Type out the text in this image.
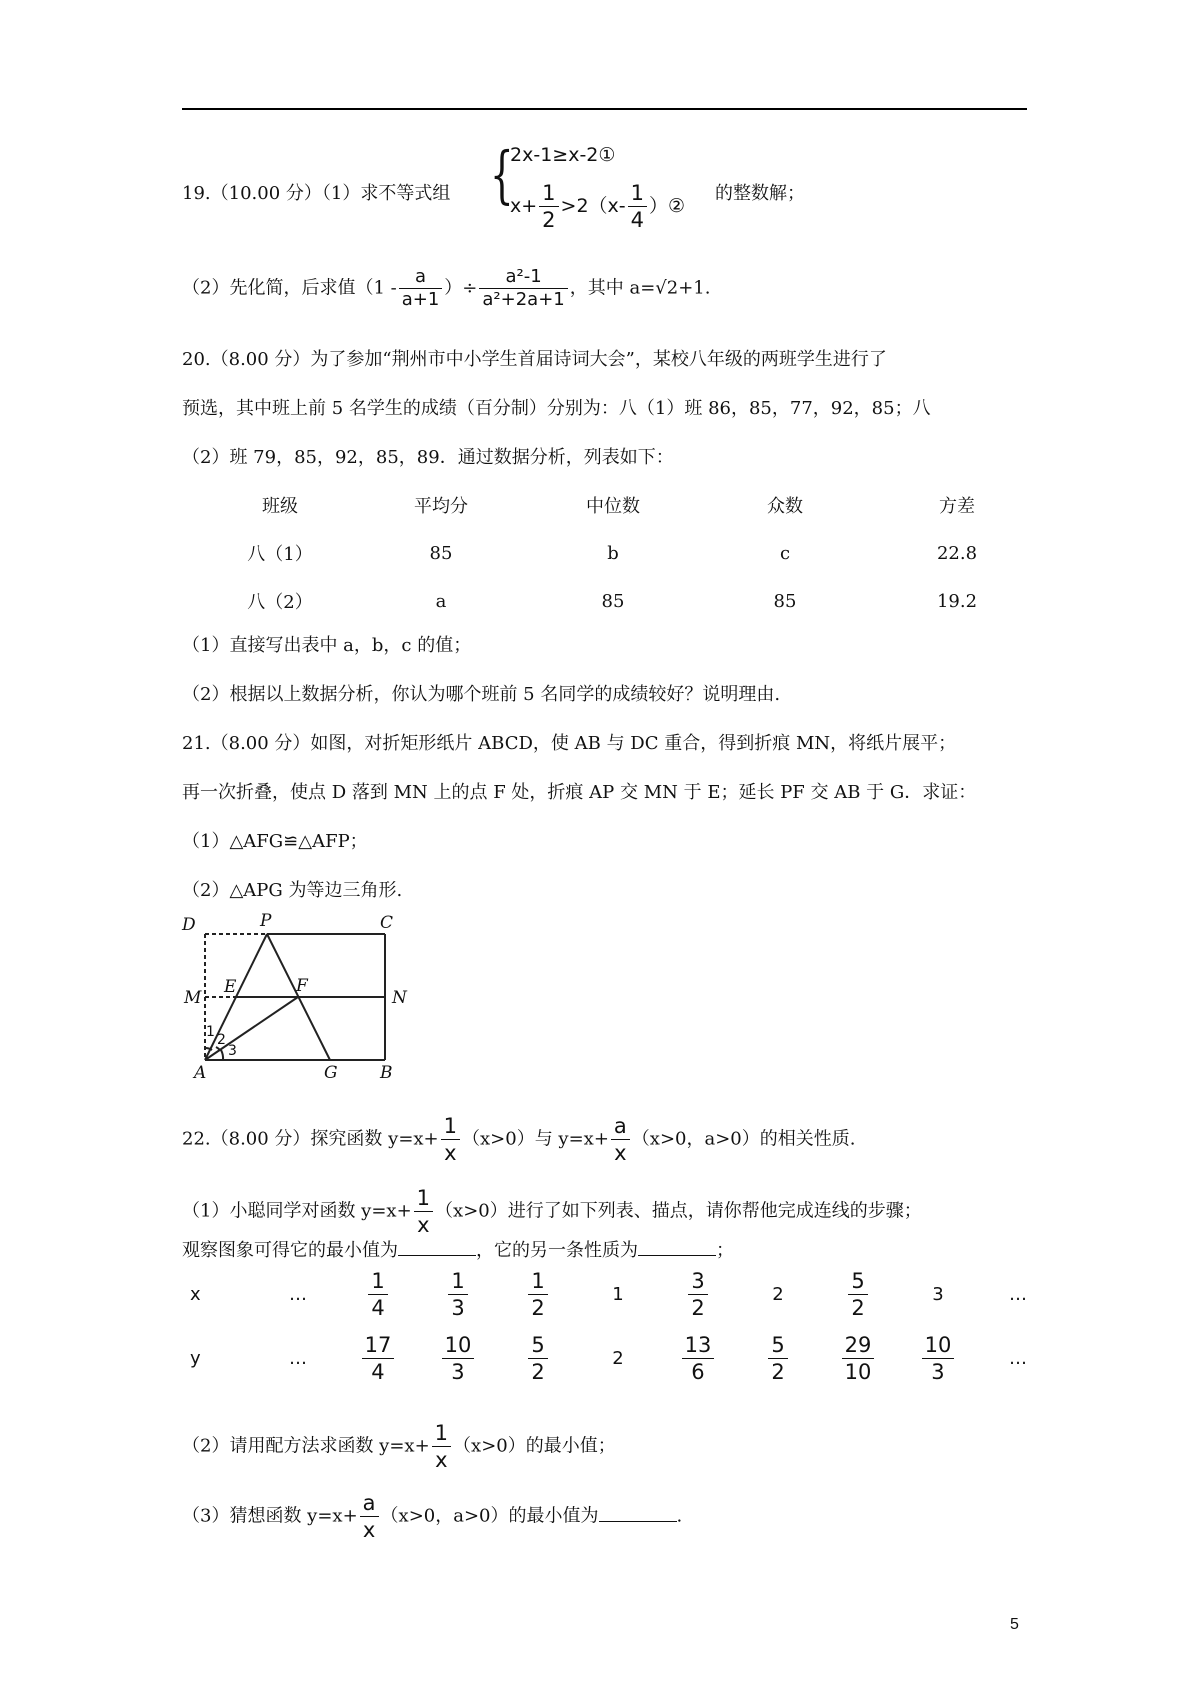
19.（10.00 分）（1）求不等式组 {
2x-1≥x-2①
$x+ \frac{1}{2} >2(x- \frac{1}{4}$ ）②
的整数解；
（2）先化简，后求值（$1 - \frac{a}{a+1}$ ）÷ $\frac{\text{a²-1}}{\text{a²+2a+1}}$ ，其中 a=√2+1.
20.（8.00 分）为了参加“荆州市中小学生首届诗词大会”，某校八年级的两班学生进行了
预选，其中班上前 5 名学生的成绩（百分制）分别为：八（1）班 86，85，77，92，85；八
（2）班 79，85，92，85，89．通过数据分析，列表如下：
班级	平均分	中位数	众数	方差
八（1）	85	b	c	22.8
八（2）	a	85	85	19.2
（1）直接写出表中 a，b，c 的值；
（2）根据以上数据分析，你认为哪个班前 5 名同学的成绩较好？说明理由.
21.（8.00 分）如图，对折矩形纸片 ABCD，使 AB 与 DC 重合，得到折痕 MN，将纸片展平；
再一次折叠，使点 D 落到 MN 上的点 F 处，折痕 AP 交 MN 于 E；延长 PF 交 AB 于 G．求证：
（1）△AFG≌△AFP；
（2）△APG 为等边三角形.
D	P	C
E	F
M	N
A	G B
1 2
3
22.（8.00 分）探究函数 $y=x+ \frac{1}{x} (x>0)$与 $y=x+ \frac{a}{x} (x>0$，a>0）的相关性质.
（1）小聪同学对函数 $y=x+ \frac{1}{x} (x>0)$进行了如下列表、描点，请你帮他完成连线的步骤；
观察图象可得它的最小值为	，它的另一条性质为	；
x	…	$\frac{1}{4}$	$\frac{1}{3}$	$\frac{1}{2}$	1	$\frac{3}{2}$	2	$\frac{5}{2}$	3	…
y	…	$\frac{17}{4}$	$\frac{10}{3}$	$\frac{5}{2}$	2	$\frac{13}{6}$	$\frac{5}{2}$	$\frac{29}{10}$	$\frac{10}{3}$	…
（2）请用配方法求函数 $y=x+ \frac{1}{x} (x>0)$的最小值；
（3）猜想函数 $y=x+ \frac{a}{x} (x>0$，a>0）的最小值为	.
5
